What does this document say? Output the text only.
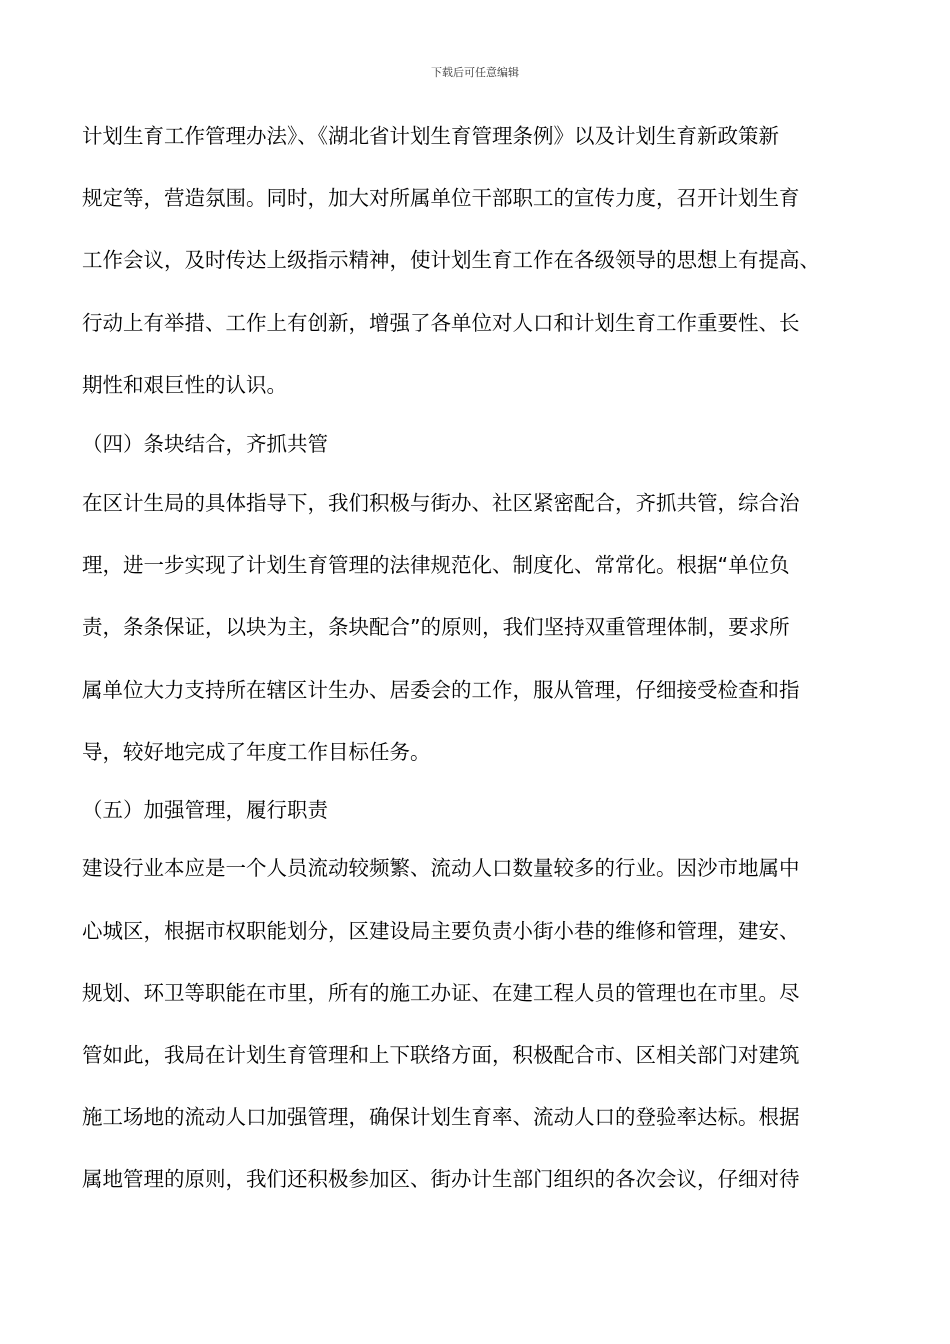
下载后可任意编辑
计划生育工作管理办法》、《湖北省计划生育管理条例》以及计划生育新政策新
规定等，营造氛围。同时，加大对所属单位干部职工的宣传力度，召开计划生育
工作会议，及时传达上级指示精神，使计划生育工作在各级领导的思想上有提高、
行动上有举措、工作上有创新，增强了各单位对人口和计划生育工作重要性、长
期性和艰巨性的认识。
（四）条块结合，齐抓共管
在区计生局的具体指导下，我们积极与街办、社区紧密配合，齐抓共管，综合治
理，进一步实现了计划生育管理的法律规范化、制度化、常常化。根据“单位负
责，条条保证，以块为主，条块配合”的原则，我们坚持双重管理体制，要求所
属单位大力支持所在辖区计生办、居委会的工作，服从管理，仔细接受检查和指
导，较好地完成了年度工作目标任务。
（五）加强管理，履行职责
建设行业本应是一个人员流动较频繁、流动人口数量较多的行业。因沙市地属中
心城区，根据市权职能划分，区建设局主要负责小街小巷的维修和管理，建安、
规划、环卫等职能在市里，所有的施工办证、在建工程人员的管理也在市里。尽
管如此，我局在计划生育管理和上下联络方面，积极配合市、区相关部门对建筑
施工场地的流动人口加强管理，确保计划生育率、流动人口的登验率达标。根据
属地管理的原则，我们还积极参加区、街办计生部门组织的各次会议，仔细对待
